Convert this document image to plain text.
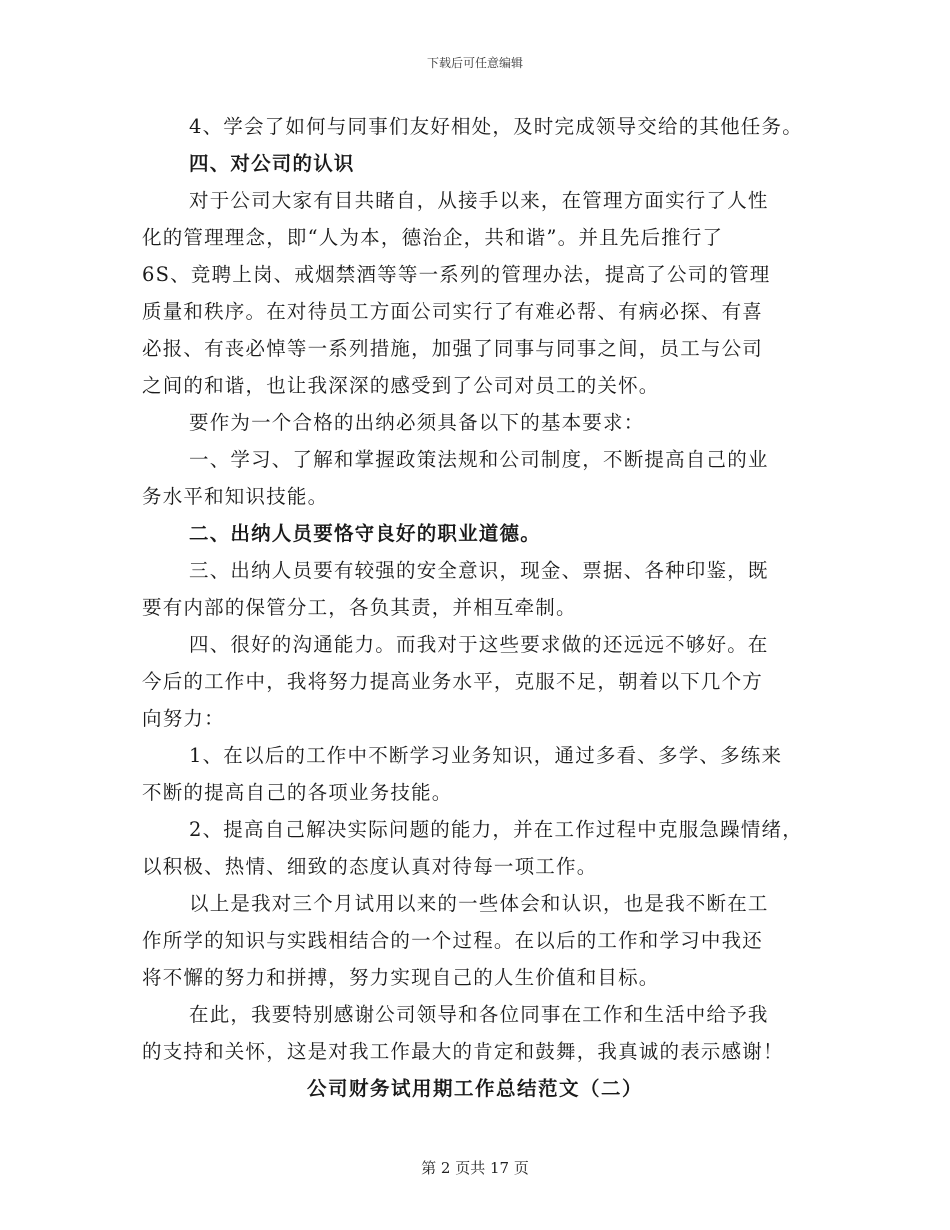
下载后可任意编辑
4、学会了如何与同事们友好相处，及时完成领导交给的其他任务。
四、对公司的认识
对于公司大家有目共睹自，从接手以来，在管理方面实行了人性
化的管理理念，即“人为本，德治企，共和谐”。并且先后推行了
6S、竞聘上岗、戒烟禁酒等等一系列的管理办法，提高了公司的管理
质量和秩序。在对待员工方面公司实行了有难必帮、有病必探、有喜
必报、有丧必悼等一系列措施，加强了同事与同事之间，员工与公司
之间的和谐，也让我深深的感受到了公司对员工的关怀。
要作为一个合格的出纳必须具备以下的基本要求：
一、学习、了解和掌握政策法规和公司制度，不断提高自己的业
务水平和知识技能。
二、出纳人员要恪守良好的职业道德。
三、出纳人员要有较强的安全意识，现金、票据、各种印鉴，既
要有内部的保管分工，各负其责，并相互牵制。
四、很好的沟通能力。而我对于这些要求做的还远远不够好。在
今后的工作中，我将努力提高业务水平，克服不足，朝着以下几个方
向努力：
1、在以后的工作中不断学习业务知识，通过多看、多学、多练来
不断的提高自己的各项业务技能。
2、提高自己解决实际问题的能力，并在工作过程中克服急躁情绪，
以积极、热情、细致的态度认真对待每一项工作。
以上是我对三个月试用以来的一些体会和认识，也是我不断在工
作所学的知识与实践相结合的一个过程。在以后的工作和学习中我还
将不懈的努力和拼搏，努力实现自己的人生价值和目标。
在此，我要特别感谢公司领导和各位同事在工作和生活中给予我
的支持和关怀，这是对我工作最大的肯定和鼓舞，我真诚的表示感谢！
公司财务试用期工作总结范文（二）
第 2 页共 17 页
